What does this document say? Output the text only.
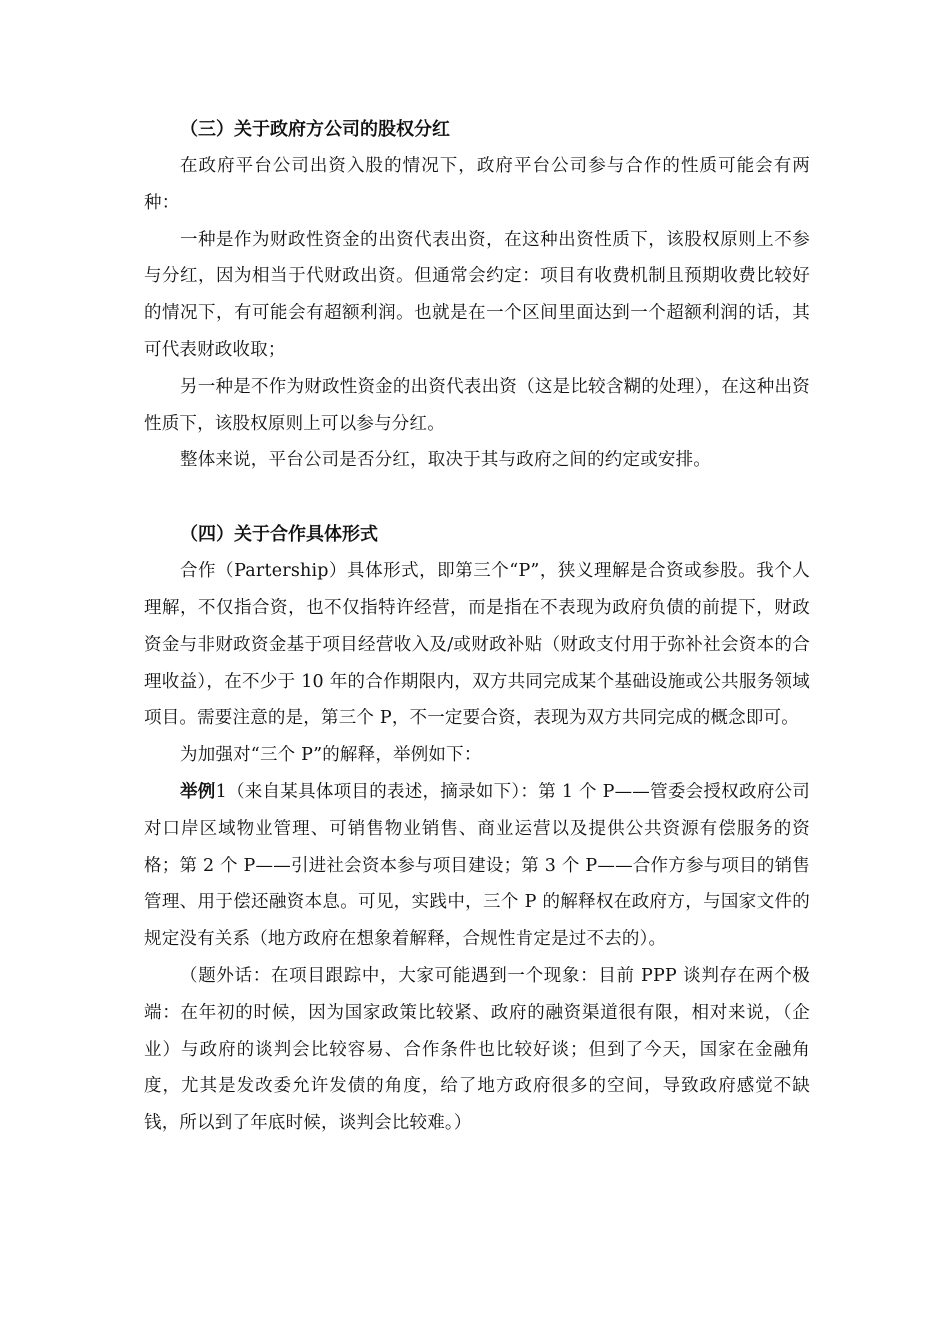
（三）关于政府方公司的股权分红

在政府平台公司出资入股的情况下，政府平台公司参与合作的性质可能会有两种：

一种是作为财政性资金的出资代表出资，在这种出资性质下，该股权原则上不参与分红，因为相当于代财政出资。但通常会约定：项目有收费机制且预期收费比较好的情况下，有可能会有超额利润。也就是在一个区间里面达到一个超额利润的话，其可代表财政收取；

另一种是不作为财政性资金的出资代表出资（这是比较含糊的处理），在这种出资性质下，该股权原则上可以参与分红。

整体来说，平台公司是否分红，取决于其与政府之间的约定或安排。

（四）关于合作具体形式

合作（Partership）具体形式，即第三个“P”，狭义理解是合资或参股。我个人理解，不仅指合资，也不仅指特许经营，而是指在不表现为政府负债的前提下，财政资金与非财政资金基于项目经营收入及/或财政补贴（财政支付用于弥补社会资本的合理收益），在不少于 10 年的合作期限内，双方共同完成某个基础设施或公共服务领域项目。需要注意的是，第三个 P，不一定要合资，表现为双方共同完成的概念即可。

为加强对“三个 P”的解释，举例如下：

举例1（来自某具体项目的表述，摘录如下）：第 1 个 P——管委会授权政府公司对口岸区域物业管理、可销售物业销售、商业运营以及提供公共资源有偿服务的资格；第 2 个 P——引进社会资本参与项目建设；第 3 个 P——合作方参与项目的销售管理、用于偿还融资本息。可见，实践中，三个 P 的解释权在政府方，与国家文件的规定没有关系（地方政府在想象着解释，合规性肯定是过不去的）。

（题外话：在项目跟踪中，大家可能遇到一个现象：目前 PPP 谈判存在两个极端：在年初的时候，因为国家政策比较紧、政府的融资渠道很有限，相对来说，（企业）与政府的谈判会比较容易、合作条件也比较好谈；但到了今天，国家在金融角度，尤其是发改委允许发债的角度，给了地方政府很多的空间，导致政府感觉不缺钱，所以到了年底时候，谈判会比较难。）
